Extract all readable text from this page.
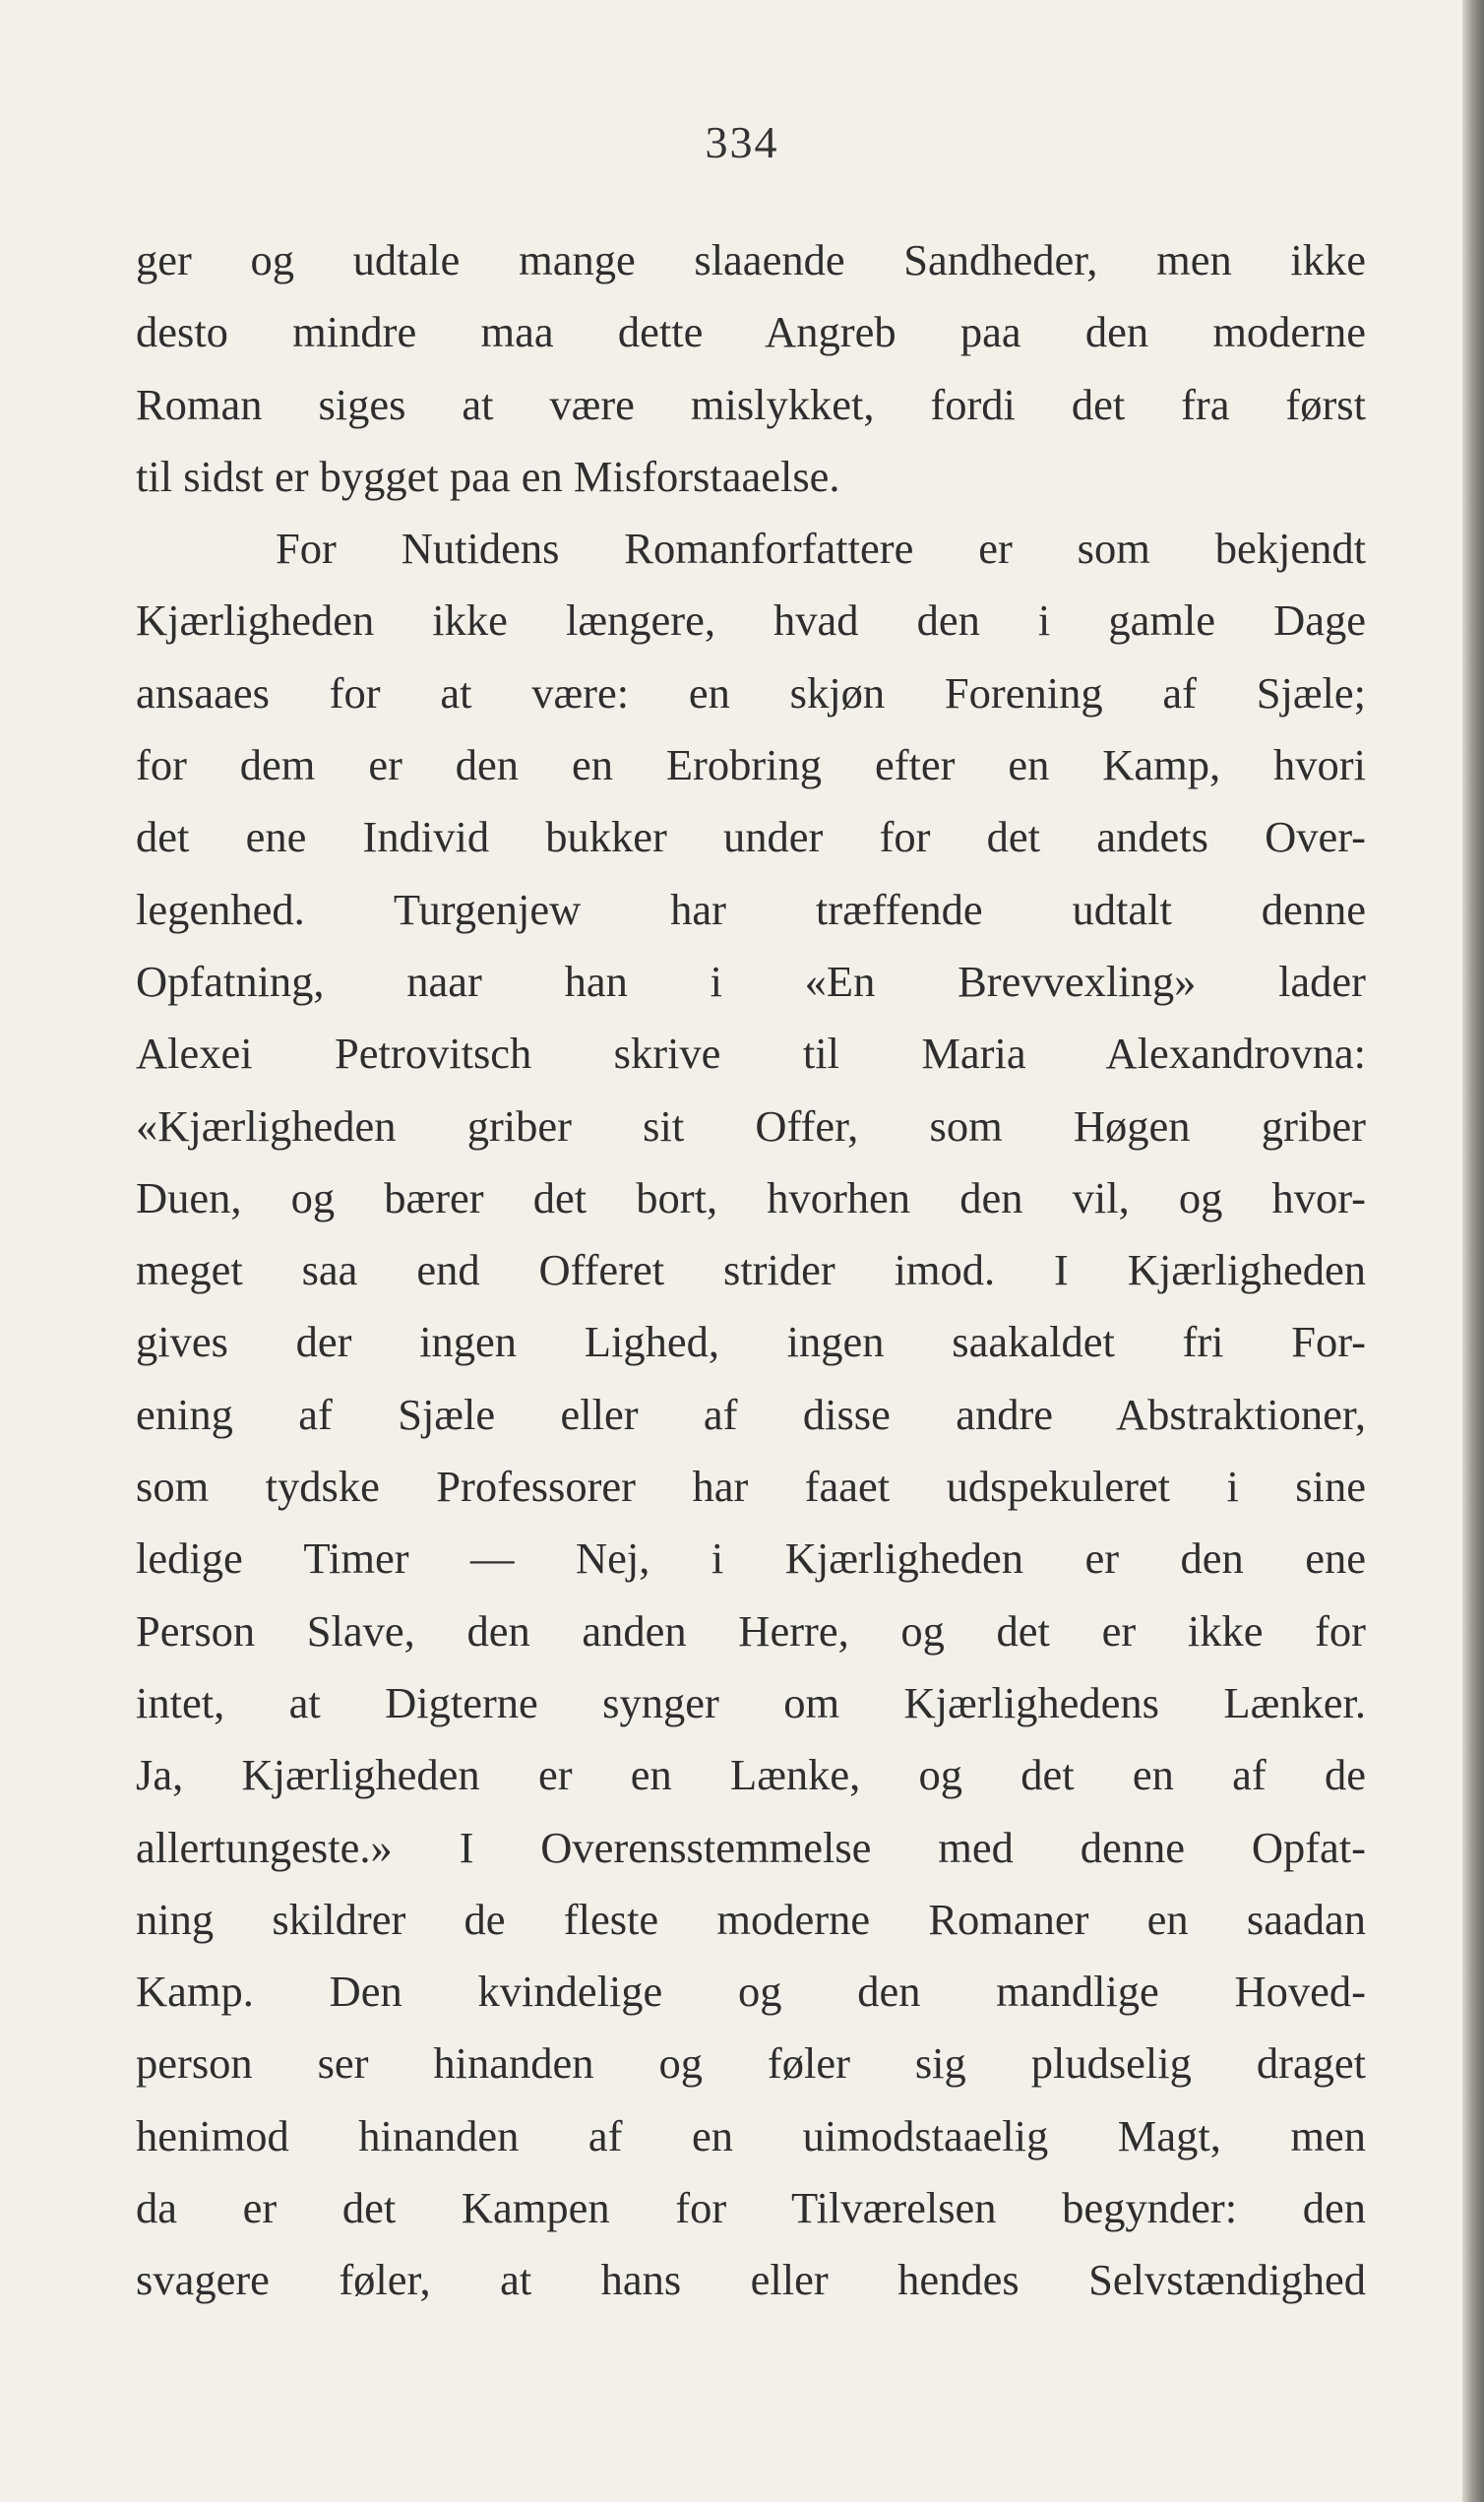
334
ger og udtale mange slaaende Sandheder, men ikke
desto mindre maa dette Angreb paa den moderne
Roman siges at være mislykket, fordi det fra først
til sidst er bygget paa en Misforstaaelse.
For Nutidens Romanforfattere er som bekjendt
Kjærligheden ikke længere, hvad den i gamle Dage
ansaaes for at være: en skjøn Forening af Sjæle;
for dem er den en Erobring efter en Kamp, hvori
det ene Individ bukker under for det andets Over-
legenhed. Turgenjew har træffende udtalt denne
Opfatning, naar han i «En Brevvexling» lader
Alexei Petrovitsch skrive til Maria Alexandrovna:
«Kjærligheden griber sit Offer, som Høgen griber
Duen, og bærer det bort, hvorhen den vil, og hvor-
meget saa end Offeret strider imod. I Kjærligheden
gives der ingen Lighed, ingen saakaldet fri For-
ening af Sjæle eller af disse andre Abstraktioner,
som tydske Professorer har faaet udspekuleret i sine
ledige Timer — Nej, i Kjærligheden er den ene
Person Slave, den anden Herre, og det er ikke for
intet, at Digterne synger om Kjærlighedens Lænker.
Ja, Kjærligheden er en Lænke, og det en af de
allertungeste.» I Overensstemmelse med denne Opfat-
ning skildrer de fleste moderne Romaner en saadan
Kamp. Den kvindelige og den mandlige Hoved-
person ser hinanden og føler sig pludselig draget
henimod hinanden af en uimodstaaelig Magt, men
da er det Kampen for Tilværelsen begynder: den
svagere føler, at hans eller hendes Selvstændighed
